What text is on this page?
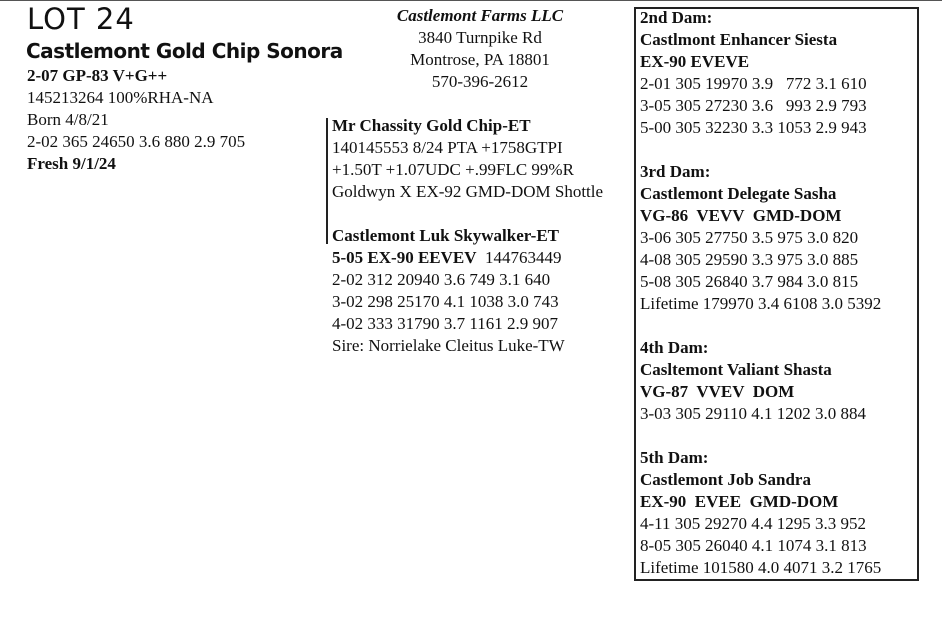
LOT 24
Castlemont Gold Chip Sonora
2-07 GP-83 V+G++
145213264 100%RHA-NA
Born 4/8/21
2-02 365 24650 3.6 880 2.9 705
Fresh 9/1/24
Castlemont Farms LLC
3840 Turnpike Rd
Montrose, PA 18801
570-396-2612
Mr Chassity Gold Chip-ET
140145553 8/24 PTA +1758GTPI
+1.50T +1.07UDC +.99FLC 99%R
Goldwyn X EX-92 GMD-DOM Shottle
Castlemont Luk Skywalker-ET
5-05 EX-90 EEVEV  144763449
2-02 312 20940 3.6 749 3.1 640
3-02 298 25170 4.1 1038 3.0 743
4-02 333 31790 3.7 1161 2.9 907
Sire: Norrielake Cleitus Luke-TW
2nd Dam:
Castlmont Enhancer Siesta
EX-90 EVEVE
2-01 305 19970 3.9   772 3.1 610
3-05 305 27230 3.6   993 2.9 793
5-00 305 32230 3.3 1053 2.9 943
3rd Dam:
Castlemont Delegate Sasha
VG-86  VEVV  GMD-DOM
3-06 305 27750 3.5 975 3.0 820
4-08 305 29590 3.3 975 3.0 885
5-08 305 26840 3.7 984 3.0 815
Lifetime 179970 3.4 6108 3.0 5392
4th Dam:
Casltemont Valiant Shasta
VG-87  VVEV  DOM
3-03 305 29110 4.1 1202 3.0 884
5th Dam:
Castlemont Job Sandra
EX-90  EVEE  GMD-DOM
4-11 305 29270 4.4 1295 3.3 952
8-05 305 26040 4.1 1074 3.1 813
Lifetime 101580 4.0 4071 3.2 1765
